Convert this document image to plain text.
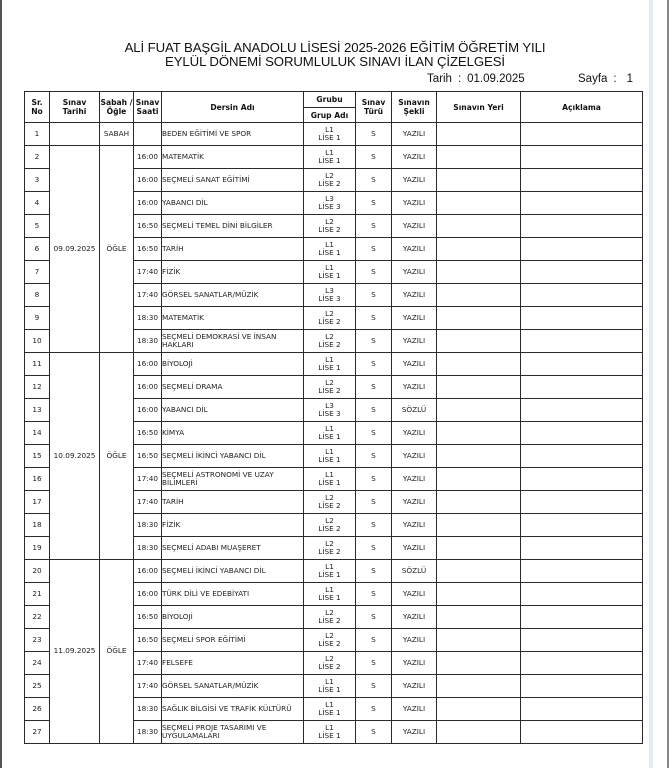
ALİ FUAT BAŞGİL ANADOLU LİSESİ 2025-2026 EĞİTİM ÖĞRETİM YILI
EYLÜL DÖNEMİ SORUMLULUK SINAVI İLAN ÇİZELGESİ
Tarih : 01.09.2025	Sayfa : 1
Sr. No	Sınav Tarihi	Sabah / Öğle	Sınav Saati	Dersin Adı	Grubu	Sınav Türü	Sınavın Şekli	Sınavın Yeri	Açıklama
					Grup Adı				
1		SABAH		BEDEN EĞİTİMİ VE SPOR	L1
LİSE 1	S	YAZILI		
2	09.09.2025	ÖĞLE	16:00	MATEMATİK	L1
LİSE 1	S	YAZILI		
3			16:00	SEÇMELİ SANAT EĞİTİMİ	L2
LİSE 2	S	YAZILI		
4			16:00	YABANCI DİL	L3
LİSE 3	S	YAZILI		
5			16:50	SEÇMELİ TEMEL DİNİ BİLGİLER	L2
LİSE 2	S	YAZILI		
6			16:50	TARİH	L1
LİSE 1	S	YAZILI		
7			17:40	FİZİK	L1
LİSE 1	S	YAZILI		
8			17:40	GÖRSEL SANATLAR/MÜZİK	L3
LİSE 3	S	YAZILI		
9			18:30	MATEMATİK	L2
LİSE 2	S	YAZILI		
10			18:30	SEÇMELİ DEMOKRASİ VE İNSAN HAKLARI	L2
LİSE 2	S	YAZILI		
11	10.09.2025	ÖĞLE	16:00	BİYOLOJİ	L1
LİSE 1	S	YAZILI		
12			16:00	SEÇMELİ DRAMA	L2
LİSE 2	S	YAZILI		
13			16:00	YABANCI DİL	L3
LİSE 3	S	SÖZLÜ		
14			16:50	KİMYA	L1
LİSE 1	S	YAZILI		
15			16:50	SEÇMELİ İKİNCİ YABANCI DİL	L1
LİSE 1	S	YAZILI		
16			17:40	SEÇMELİ ASTRONOMİ VE UZAY BİLİMLERİ	L1
LİSE 1	S	YAZILI		
17			17:40	TARİH	L2
LİSE 2	S	YAZILI		
18			18:30	FİZİK	L2
LİSE 2	S	YAZILI		
19			18:30	SEÇMELİ ADABI MUAŞERET	L2
LİSE 2	S	YAZILI		
20	11.09.2025	ÖĞLE	16:00	SEÇMELİ İKİNCİ YABANCI DİL	L1
LİSE 1	S	SÖZLÜ		
21			16:00	TÜRK DİLİ VE EDEBİYATI	L1
LİSE 1	S	YAZILI		
22			16:50	BİYOLOJİ	L2
LİSE 2	S	YAZILI		
23			16:50	SEÇMELİ SPOR EĞİTİMİ	L2
LİSE 2	S	YAZILI		
24			17:40	FELSEFE	L2
LİSE 2	S	YAZILI		
25			17:40	GÖRSEL SANATLAR/MÜZİK	L1
LİSE 1	S	YAZILI		
26			18:30	SAĞLIK BİLGİSİ VE TRAFİK KÜLTÜRÜ	L1
LİSE 1	S	YAZILI		
27			18:30	SEÇMELİ PROJE TASARIMI VE UYGULAMALARI	L1
LİSE 1	S	YAZILI		
